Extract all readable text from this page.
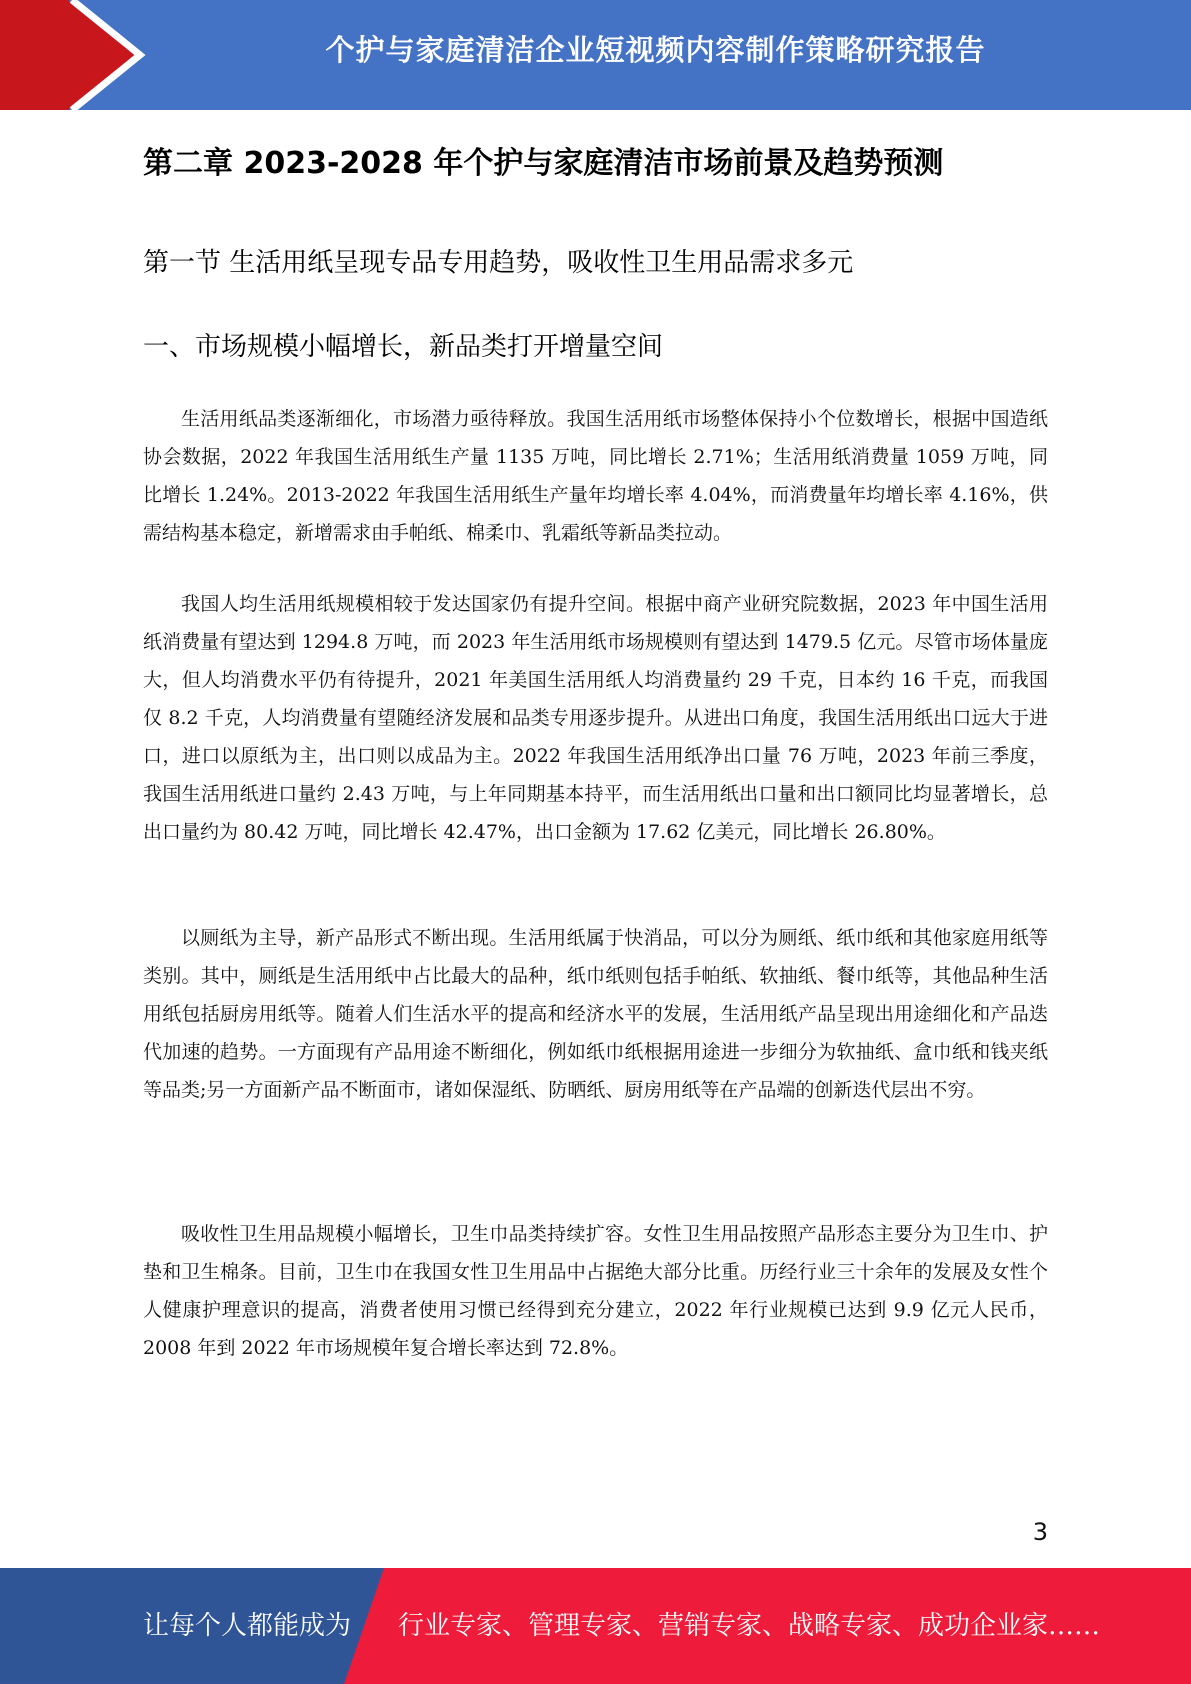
个护与家庭清洁企业短视频内容制作策略研究报告
第二章 2023-2028 年个护与家庭清洁市场前景及趋势预测
第一节 生活用纸呈现专品专用趋势，吸收性卫生用品需求多元
一、市场规模小幅增长，新品类打开增量空间

生活用纸品类逐渐细化，市场潜力亟待释放。我国生活用纸市场整体保持小个位数增长，根据中国造纸协会数据，2022 年我国生活用纸生产量 1135 万吨，同比增长 2.71%；生活用纸消费量 1059 万吨，同比增长 1.24%。2013-2022 年我国生活用纸生产量年均增长率 4.04%，而消费量年均增长率 4.16%，供需结构基本稳定，新增需求由手帕纸、棉柔巾、乳霜纸等新品类拉动。

我国人均生活用纸规模相较于发达国家仍有提升空间。根据中商产业研究院数据，2023 年中国生活用纸消费量有望达到 1294.8 万吨，而 2023 年生活用纸市场规模则有望达到 1479.5 亿元。尽管市场体量庞大，但人均消费水平仍有待提升，2021 年美国生活用纸人均消费量约 29 千克，日本约 16 千克，而我国仅 8.2 千克，人均消费量有望随经济发展和品类专用逐步提升。从进出口角度，我国生活用纸出口远大于进口，进口以原纸为主，出口则以成品为主。2022 年我国生活用纸净出口量 76 万吨，2023 年前三季度，我国生活用纸进口量约 2.43 万吨，与上年同期基本持平，而生活用纸出口量和出口额同比均显著增长，总出口量约为 80.42 万吨，同比增长 42.47%，出口金额为 17.62 亿美元，同比增长 26.80%。

以厕纸为主导，新产品形式不断出现。生活用纸属于快消品，可以分为厕纸、纸巾纸和其他家庭用纸等类别。其中，厕纸是生活用纸中占比最大的品种，纸巾纸则包括手帕纸、软抽纸、餐巾纸等，其他品种生活用纸包括厨房用纸等。随着人们生活水平的提高和经济水平的发展，生活用纸产品呈现出用途细化和产品迭代加速的趋势。一方面现有产品用途不断细化，例如纸巾纸根据用途进一步细分为软抽纸、盒巾纸和钱夹纸等品类;另一方面新产品不断面市，诸如保湿纸、防晒纸、厨房用纸等在产品端的创新迭代层出不穷。

吸收性卫生用品规模小幅增长，卫生巾品类持续扩容。女性卫生用品按照产品形态主要分为卫生巾、护垫和卫生棉条。目前，卫生巾在我国女性卫生用品中占据绝大部分比重。历经行业三十余年的发展及女性个人健康护理意识的提高，消费者使用习惯已经得到充分建立，2022 年行业规模已达到 9.9 亿元人民币，2008 年到 2022 年市场规模年复合增长率达到 72.8%。

3
让每个人都能成为 行业专家、管理专家、营销专家、战略专家、成功企业家……
